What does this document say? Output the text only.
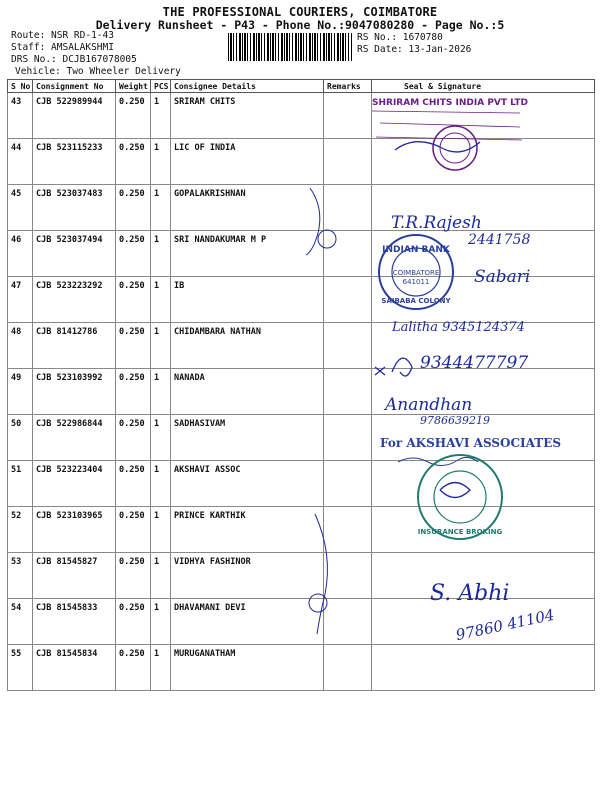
THE PROFESSIONAL COURIERS, COIMBATORE
Delivery Runsheet - P43 - Phone No.:9047080280 - Page No.:5
Route: NSR RD-1-43
Staff: AMSALAKSHMI
DRS No.: DCJB167078005
Vehicle: Two Wheeler Delivery
RS No.: 1670780
RS Date: 13-Jan-2026
S No	Consignment No	Weight	PCS	Consignee Details	Remarks	Seal & Signature
43	CJB 522989944	0.250	1	SRIRAM CHITS		
44	CJB 523115233	0.250	1	LIC OF INDIA		
45	CJB 523037483	0.250	1	GOPALAKRISHNAN		
46	CJB 523037494	0.250	1	SRI NANDAKUMAR M P		
47	CJB 523223292	0.250	1	IB		
48	CJB 81412786	0.250	1	CHIDAMBARA NATHAN		
49	CJB 523103992	0.250	1	NANADA		
50	CJB 522986844	0.250	1	SADHASIVAM		
51	CJB 523223404	0.250	1	AKSHAVI ASSOC		
52	CJB 523103965	0.250	1	PRINCE KARTHIK		
53	CJB 81545827	0.250	1	VIDHYA FASHINOR		
54	CJB 81545833	0.250	1	DHAVAMANI DEVI		
55	CJB 81545834	0.250	1	MURUGANATHAM		
SHRIRAM CHITS INDIA PVT LTD
T.R.Rajesh
2441758
INDIAN BANK
COIMBATORE
641011
SAIBABA COLONY
Sabari
Lalitha 9345124374
9344477797
Anandhan
9786639219
For AKSHAVI ASSOCIATES
INSURANCE BROKING
S. Abhi
97860 41104
